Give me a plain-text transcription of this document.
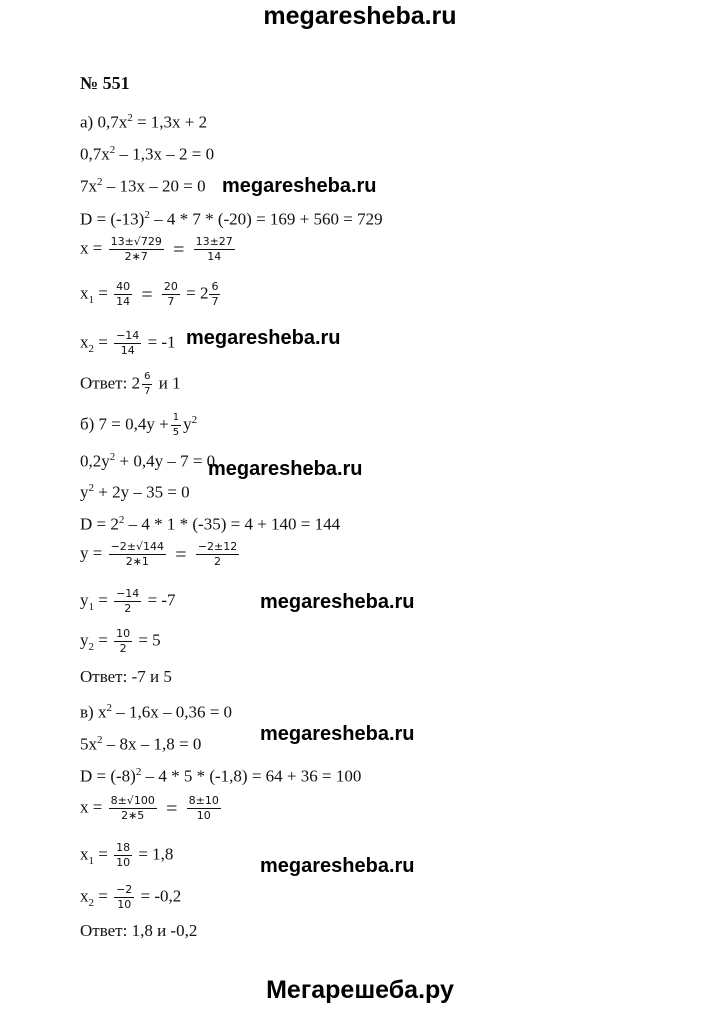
megaresheba.ru
№ 551
а) $0,7x^2 = 1,3x + 2$
$0,7x^2 - 1,3x - 2 = 0$
$7x^2 - 13x - 20 = 0$
$D = (-13)^2 - 4 * 7 * (-20) = 169 + 560 = 729$
$x = \frac{13\pm√729}{2∗7} = \frac{13\pm 27}{14}$
$x_1 = \frac{40}{14} = \frac{20}{7} = 2 \frac{6}{7}$
$x_2 = \frac{-14}{14} = -1$
Ответ: $2 \frac{6}{7}$ и 1
б) $7 = 0,4y + \frac{1}{5} y^2$
$0,2y^2 + 0,4y - 7 = 0$
$y^2 + 2y - 35 = 0$
$D = 2^2 - 4 * 1 * (-35) = 4 + 140 = 144$
$y = \frac{-2\pm√144}{2∗1} = \frac{-2\pm 12}{2}$
$y_1 = \frac{-14}{2} = -7$
$y_2 = \frac{10}{2} = 5$
Ответ: -7 и 5
в) $x^2 - 1,6x - 0,36 = 0$
$5x^2 - 8x - 1,8 = 0$
$D = (-8)^2 - 4 * 5 * (-1,8) = 64 + 36 = 100$
$x = \frac{8\pm√100}{2∗5} = \frac{8\pm 10}{10}$
$x_1 = \frac{18}{10} = 1,8$
$x_2 = \frac{-2}{10} = -0,2$
Ответ: 1,8 и -0,2
megaresheba.ru
megaresheba.ru
megaresheba.ru
megaresheba.ru
megaresheba.ru
megaresheba.ru
Мегарешеба.ру
